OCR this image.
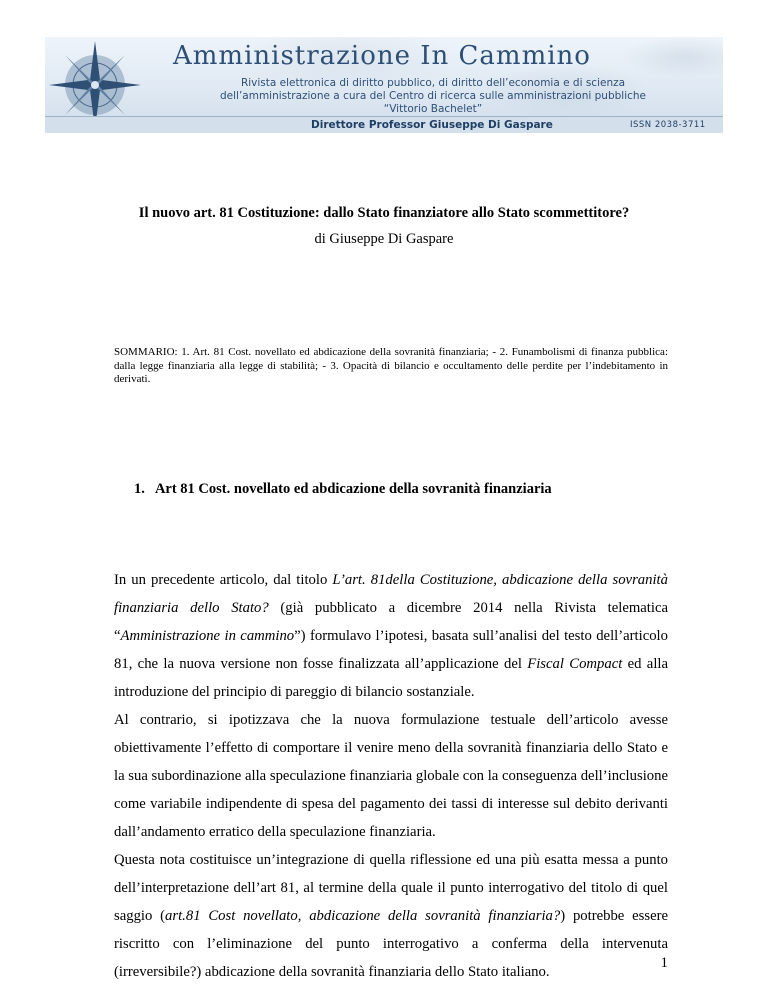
Amministrazione In Cammino
Rivista elettronica di diritto pubblico, di diritto dell’economia e di scienza
dell’amministrazione a cura del Centro di ricerca sulle amministrazioni pubbliche
“Vittorio Bachelet”
Direttore Professor Giuseppe Di Gaspare	ISSN 2038-3711
Il nuovo art. 81 Costituzione: dallo Stato finanziatore allo Stato scommettitore?
di Giuseppe Di Gaspare
SOMMARIO: 1. Art. 81 Cost. novellato ed abdicazione della sovranità finanziaria; - 2. Funambolismi di finanza pubblica: dalla legge finanziaria alla legge di stabilità; - 3. Opacità di bilancio e occultamento delle perdite per l’indebitamento in derivati.
1.   Art 81 Cost. novellato ed abdicazione della sovranità finanziaria

In un precedente articolo, dal titolo L’art. 81della Costituzione, abdicazione della sovranità finanziaria dello Stato? (già pubblicato a dicembre 2014 nella Rivista telematica “Amministrazione in cammino”) formulavo l’ipotesi, basata sull’analisi del testo dell’articolo 81, che la nuova versione non fosse finalizzata all’applicazione del Fiscal Compact ed alla introduzione del principio di pareggio di bilancio sostanziale.

Al contrario, si ipotizzava che la nuova formulazione testuale dell’articolo avesse obiettivamente l’effetto di comportare il venire meno della sovranità finanziaria dello Stato e la sua subordinazione alla speculazione finanziaria globale con la conseguenza dell’inclusione come variabile indipendente di spesa del pagamento dei tassi di interesse sul debito derivanti dall’andamento erratico della speculazione finanziaria.

Questa nota costituisce un’integrazione di quella riflessione ed una più esatta messa a punto dell’interpretazione dell’art 81, al termine della quale il punto interrogativo del titolo di quel saggio (art.81 Cost novellato, abdicazione della sovranità finanziaria?) potrebbe essere riscritto con l’eliminazione del punto interrogativo a conferma della intervenuta (irreversibile?) abdicazione della sovranità finanziaria dello Stato italiano.

1
